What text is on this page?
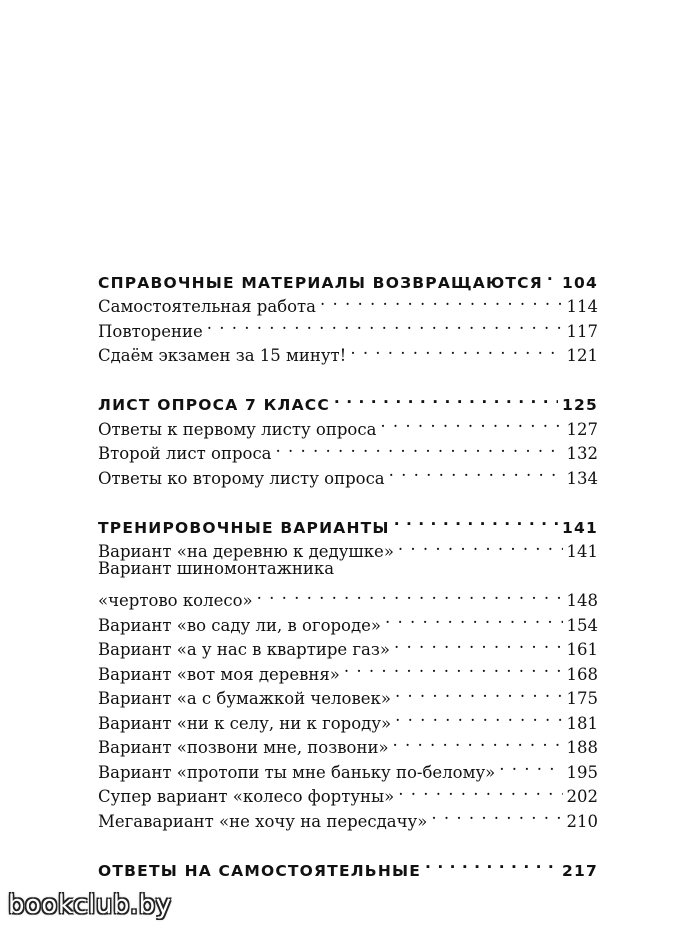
СПРАВОЧНЫЕ МАТЕРИАЛЫ ВОЗВРАЩАЮТСЯ . . . 104
Самостоятельная работа . . .	114
Повторение . . .	117
Сдаём экзамен за 15 минут! . . .	121
ЛИСТ ОПРОСА 7 КЛАСС . . .	125
Ответы к первому листу опроса . . .	127
Второй лист опроса . . .	132
Ответы ко второму листу опроса . . .	134
ТРЕНИРОВОЧНЫЕ ВАРИАНТЫ . . .	141
Вариант «на деревню к дедушке» . . .	141
Вариант шиномонтажника
«чертово колесо» . . .	148
Вариант «во саду ли, в огороде» . . .	154
Вариант «а у нас в квартире газ» . . .	161
Вариант «вот моя деревня» . . .	168
Вариант «а с бумажкой человек» . . .	175
Вариант «ни к селу, ни к городу» . . .	181
Вариант «позвони мне, позвони» . . .	188
Вариант «протопи ты мне баньку по-белому» . . .	195
Супер вариант «колесо фортуны» . . .	202
Мегавариант «не хочу на пересдачу» . . .	210
ОТВЕТЫ НА САМОСТОЯТЕЛЬНЫЕ . . .	217
bookclub.by
